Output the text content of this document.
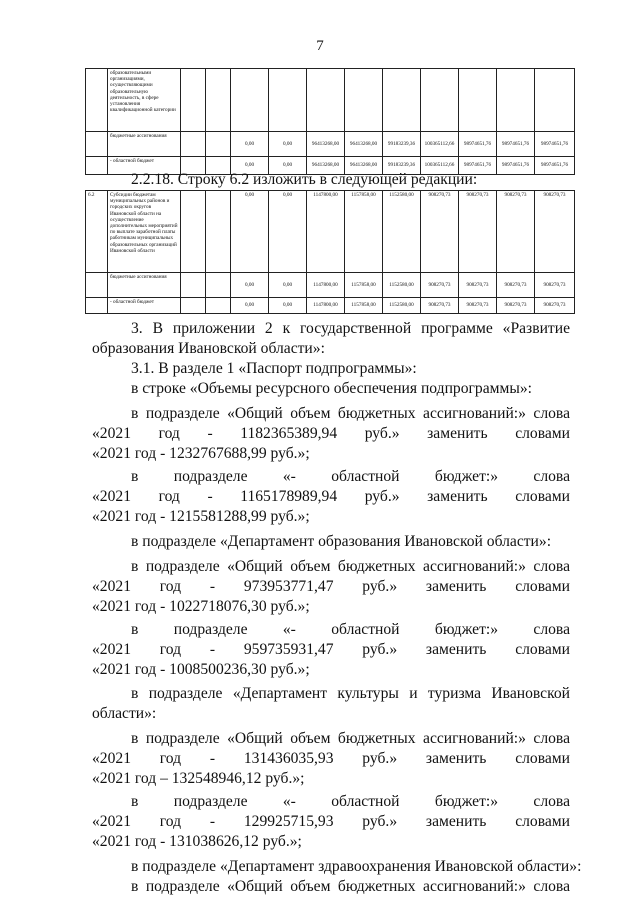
7
	образовательными организациями, осуществляющими образовательную деятельность, в сфере установления квалификационной категории											
	бюджетные ассигнования			0,00	0,00	96413268,00	96413268,00	99183239,36	100365112,66	98974651,76	98974651,76	98974651,76
	- областной бюджет			0,00	0,00	96413268,00	96413268,00	99183239,36	100365112,66	98974651,76	98974651,76	98974651,76
2.2.18. Строку 6.2 изложить в следующей редакции:
6.2	Субсидии бюджетам муниципальных районов и городских округов Ивановской области на осуществление дополнительных мероприятий по выплате заработной платы работникам муниципальных образовательных организаций Ивановской области			0,00	0,00	1147800,00	1157858,00	1152580,00	908270,73	908270,73	908270,73	908270,73
	бюджетные ассигнования			0,00	0,00	1147800,00	1157858,00	1152580,00	908270,73	908270,73	908270,73	908270,73
	- областной бюджет			0,00	0,00	1147800,00	1157858,00	1152580,00	908270,73	908270,73	908270,73	908270,73
3. В приложении 2 к государственной программе «Развитие
образования Ивановской области»:
3.1. В разделе 1 «Паспорт подпрограммы»:
в строке «Объемы ресурсного обеспечения подпрограммы»:
в подразделе «Общий объем бюджетных ассигнований:» слова
«2021 год - 1182365389,94 руб.» заменить словами
«2021 год - 1232767688,99 руб.»;
в подразделе «- областной бюджет:» слова
«2021 год - 1165178989,94 руб.» заменить словами
«2021 год - 1215581288,99 руб.»;
в подразделе «Департамент образования Ивановской области»:
в подразделе «Общий объем бюджетных ассигнований:» слова
«2021 год - 973953771,47 руб.» заменить словами
«2021 год - 1022718076,30 руб.»;
в подразделе «- областной бюджет:» слова
«2021 год - 959735931,47 руб.» заменить словами
«2021 год - 1008500236,30 руб.»;
в подразделе «Департамент культуры и туризма Ивановской
области»:
в подразделе «Общий объем бюджетных ассигнований:» слова
«2021 год - 131436035,93 руб.» заменить словами
«2021 год – 132548946,12 руб.»;
в подразделе «- областной бюджет:» слова
«2021 год - 129925715,93 руб.» заменить словами
«2021 год - 131038626,12 руб.»;
в подразделе «Департамент здравоохранения Ивановской области»:
в подразделе «Общий объем бюджетных ассигнований:» слова
